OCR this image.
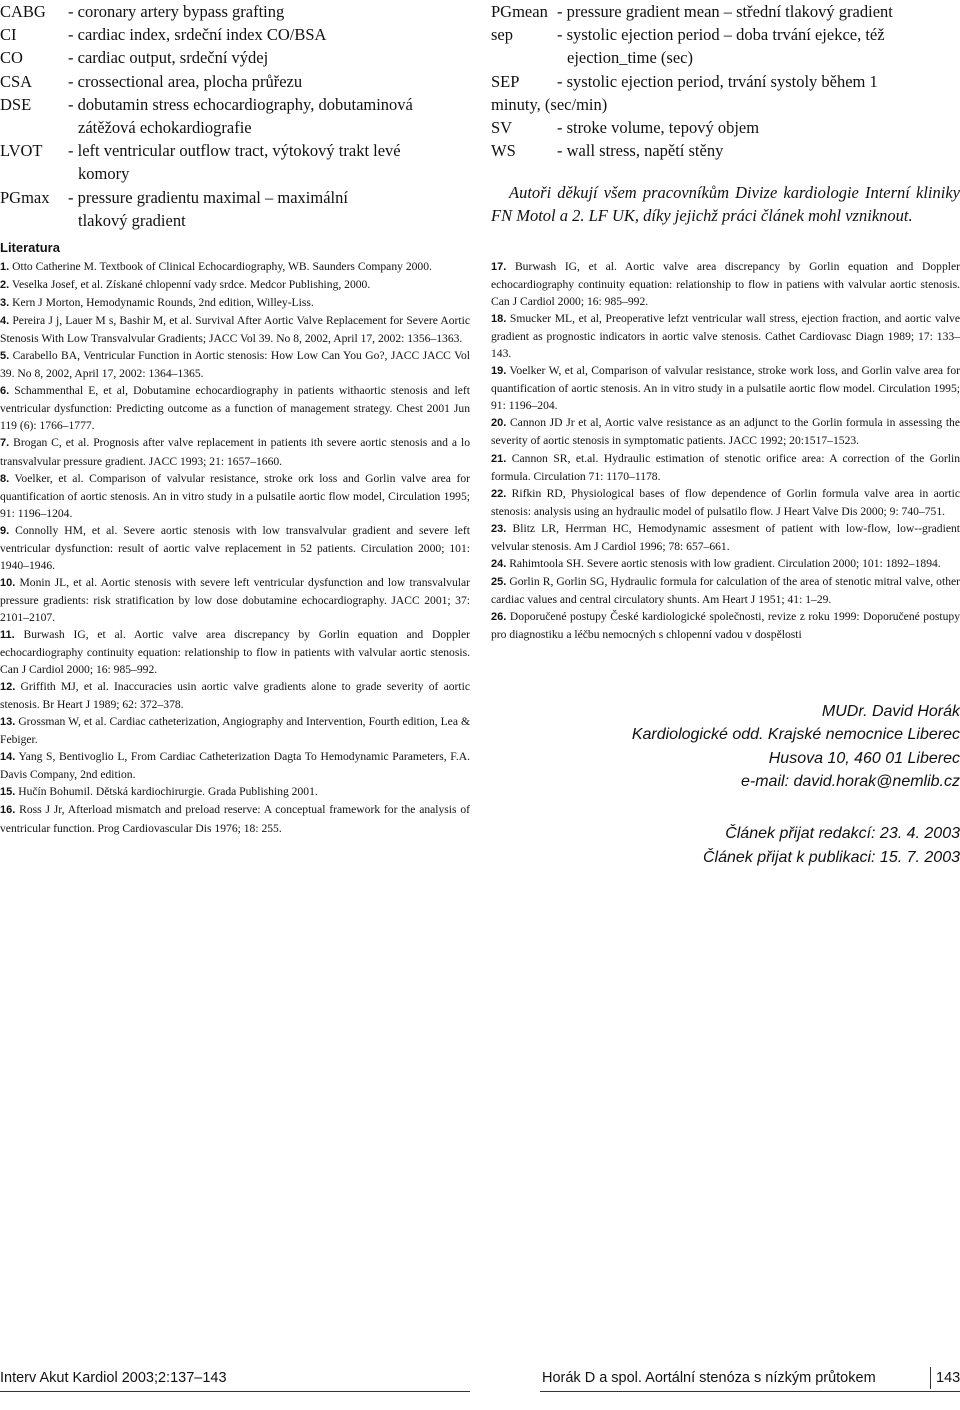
CABG	- coronary artery bypass grafting
CI	- cardiac index, srdeční index CO/BSA
CO	- cardiac output, srdeční výdej
CSA	- crossectional area, plocha průřezu
DSE	- dobutamin stress echocardiography, dobutaminová
zátěžová echokardiografie
LVOT	- left ventricular outflow tract, výtokový trakt levé
komory
PGmax	- pressure gradientu maximal – maximální
tlakový gradient
PGmean - pressure gradient mean – střední tlakový gradient
sep	- systolic ejection period – doba trvání ejekce, též
ejection_time (sec)
SEP	- systolic ejection period, trvání systoly během 1
minuty, (sec/min)
SV	- stroke volume, tepový objem
WS	- wall stress, napětí stěny
Autoři děkují všem pracovníkům Divize kardiologie Interní kliniky FN Motol a 2. LF UK, díky jejichž práci článek mohl vzniknout.
Literatura

1. Otto Catherine M. Textbook of Clinical Echocardiography, WB. Saunders Company 2000.

2. Veselka Josef, et al. Získané chlopenní vady srdce. Medcor Publishing, 2000.

3. Kern J Morton, Hemodynamic Rounds, 2nd edition, Willey-Liss.

4. Pereira J j, Lauer M s, Bashir M, et al. Survival After Aortic Valve Replacement for Severe Aortic Stenosis With Low Transvalvular Gradients; JACC Vol 39. No 8, 2002, April 17, 2002: 1356–1363.

5. Carabello BA, Ventricular Function in Aortic stenosis: How Low Can You Go?, JACC JACC Vol 39. No 8, 2002, April 17, 2002: 1364–1365.

6. Schammenthal E, et al, Dobutamine echocardiography in patients withaortic stenosis and left ventricular dysfunction: Predicting outcome as a function of management strategy. Chest 2001 Jun 119 (6): 1766–1777.

7. Brogan C, et al. Prognosis after valve replacement in patients ith severe aortic stenosis and a lo transvalvular pressure gradient. JACC 1993; 21: 1657–1660.

8. Voelker, et al. Comparison of valvular resistance, stroke ork loss and Gorlin valve area for quantification of aortic stenosis. An in vitro study in a pulsatile aortic flow model, Circulation 1995; 91: 1196–1204.

9. Connolly HM, et al. Severe aortic stenosis with low transvalvular gradient and severe left ventricular dysfunction: result of aortic valve replacement in 52 patients. Circulation 2000; 101: 1940–1946.

10. Monin JL, et al. Aortic stenosis with severe left ventricular dysfunction and low transvalvular pressure gradients: risk stratification by low dose dobutamine echocardiography. JACC 2001; 37: 2101–2107.

11. Burwash IG, et al. Aortic valve area discrepancy by Gorlin equation and Doppler echocardiography continuity equation: relationship to flow in patients with valvular aortic stenosis. Can J Cardiol 2000; 16: 985–992.

12. Griffith MJ, et al. Inaccuracies usin aortic valve gradients alone to grade severity of aortic stenosis. Br Heart J 1989; 62: 372–378.

13. Grossman W, et al. Cardiac catheterization, Angiography and Intervention, Fourth edition, Lea & Febiger.

14. Yang S, Bentivoglio L, From Cardiac Catheterization Dagta To Hemodynamic Parameters, F.A. Davis Company, 2nd edition.

15. Hučín Bohumil. Dětská kardiochirurgie. Grada Publishing 2001.

16. Ross J Jr, Afterload mismatch and preload reserve: A conceptual framework for the analysis of ventricular function. Prog Cardiovascular Dis 1976; 18: 255.

17. Burwash IG, et al. Aortic valve area discrepancy by Gorlin equation and Doppler echocardiography continuity equation: relationship to flow in patiens with valvular aortic stenosis. Can J Cardiol 2000; 16: 985–992.

18. Smucker ML, et al, Preoperative lefzt ventricular wall stress, ejection fraction, and aortic valve gradient as prognostic indicators in aortic valve stenosis. Cathet Cardiovasc Diagn 1989; 17: 133–143.

19. Voelker W, et al, Comparison of valvular resistance, stroke work loss, and Gorlin valve area for quantification of aortic stenosis. An in vitro study in a pulsatile aortic flow model. Circulation 1995; 91: 1196–204.

20. Cannon JD Jr et al, Aortic valve resistance as an adjunct to the Gorlin formula in assessing the severity of aortic stenosis in symptomatic patients. JACC 1992; 20:1517–1523.

21. Cannon SR, et.al. Hydraulic estimation of stenotic orifice area: A correction of the Gorlin formula. Circulation 71: 1170–1178.

22. Rifkin RD, Physiological bases of flow dependence of Gorlin formula valve area in aortic stenosis: analysis using an hydraulic model of pulsatilo flow. J Heart Valve Dis 2000; 9: 740–751.

23. Blitz LR, Herrman HC, Hemodynamic assesment of patient with low-flow, low--gradient velvular stenosis. Am J Cardiol 1996; 78: 657–661.

24. Rahimtoola SH. Severe aortic stenosis with low gradient. Circulation 2000; 101: 1892–1894.

25. Gorlin R, Gorlin SG, Hydraulic formula for calculation of the area of stenotic mitral valve, other cardiac values and central circulatory shunts. Am Heart J 1951; 41: 1–29.

26. Doporučené postupy České kardiologické společnosti, revize z roku 1999: Doporučené postupy pro diagnostiku a léčbu nemocných s chlopenní vadou v dospělosti

MUDr. David Horák
Kardiologické odd. Krajské nemocnice Liberec
Husova 10, 460 01 Liberec
e-mail: david.horak@nemlib.cz
Článek přijat redakcí: 23. 4. 2003
Článek přijat k publikaci: 15. 7. 2003
Interv Akut Kardiol 2003;2:137–143	Horák D a spol. Aortální stenóza s nízkým průtokem	143
